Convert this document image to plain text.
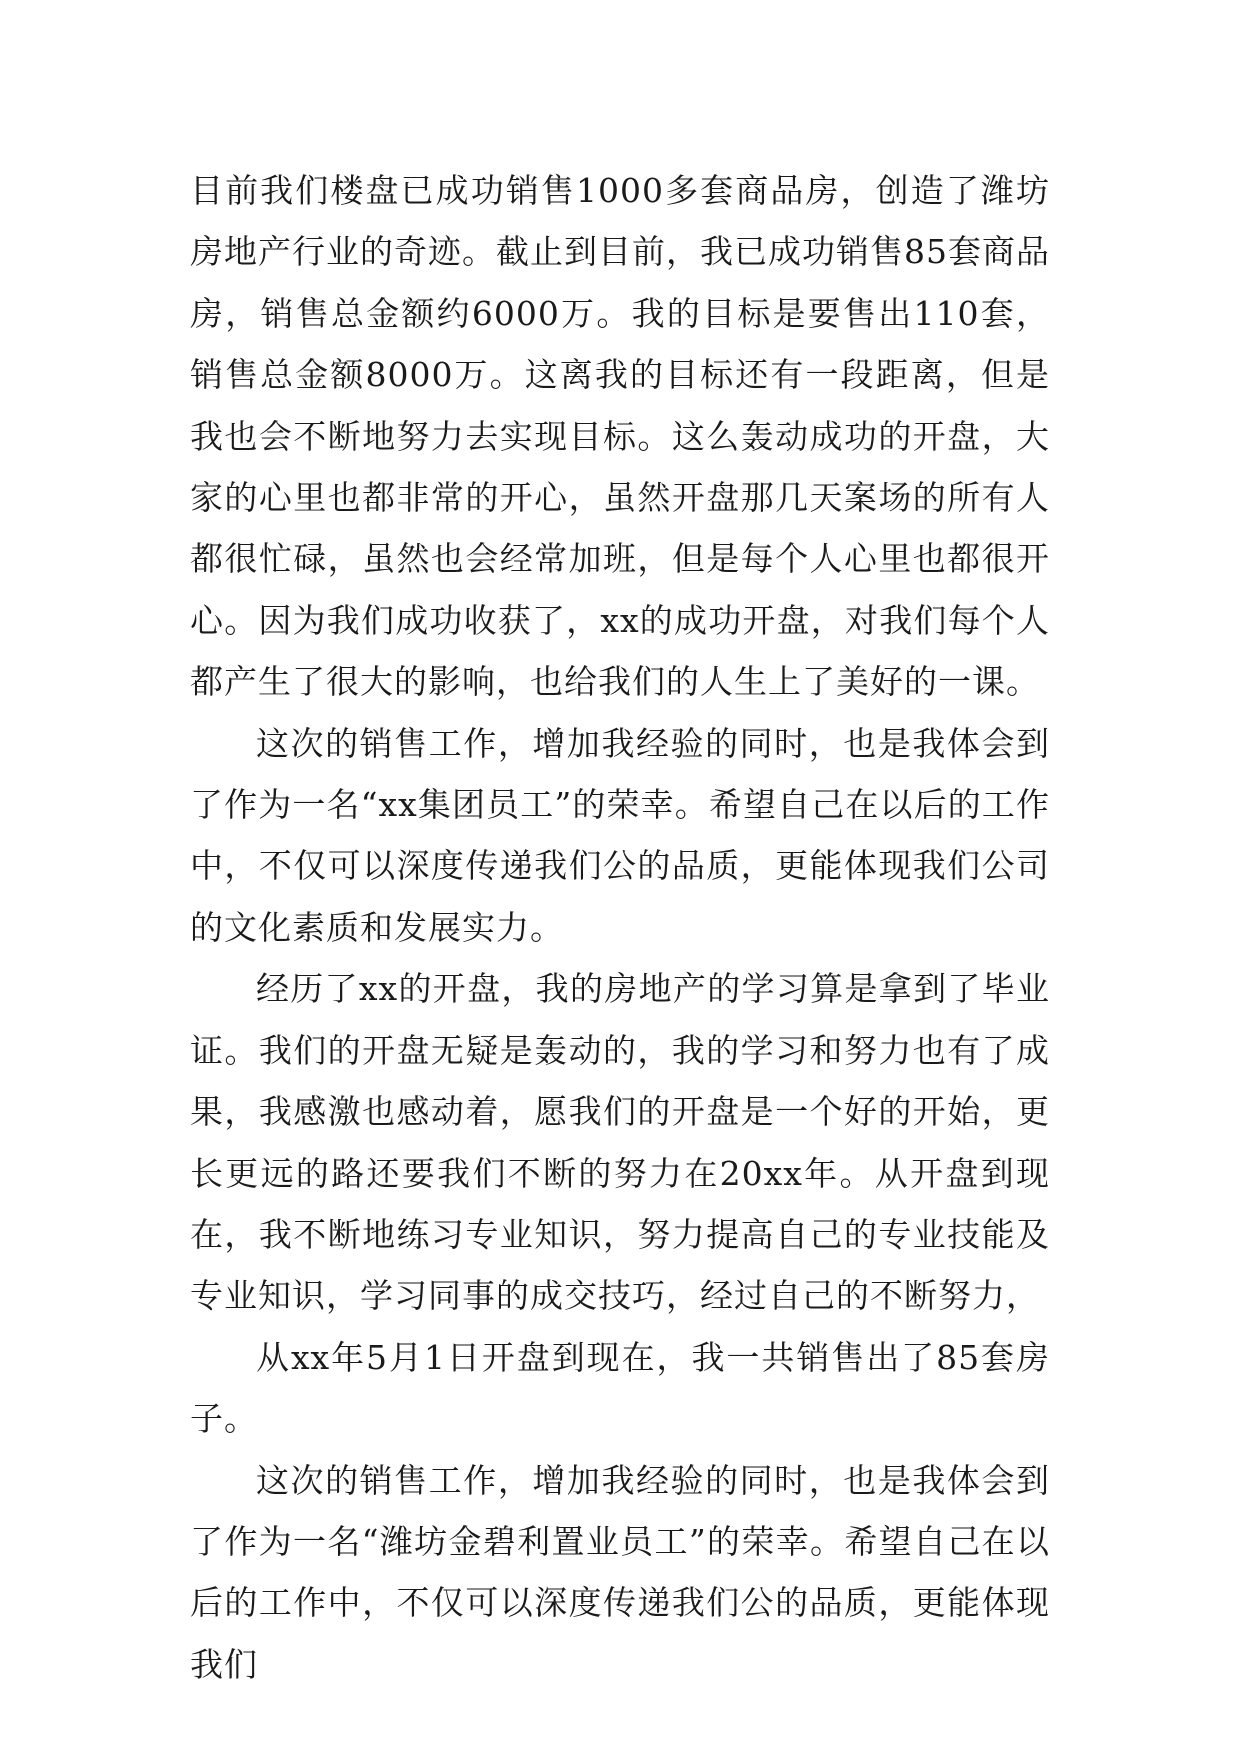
目前我们楼盘已成功销售1000多套商品房，创造了潍坊房地产行业的奇迹。截止到目前，我已成功销售85套商品房，销售总金额约6000万。我的目标是要售出110套，销售总金额8000万。这离我的目标还有一段距离，但是我也会不断地努力去实现目标。这么轰动成功的开盘，大家的心里也都非常的开心，虽然开盘那几天案场的所有人都很忙碌，虽然也会经常加班，但是每个人心里也都很开心。因为我们成功收获了，xx的成功开盘，对我们每个人都产生了很大的影响，也给我们的人生上了美好的一课。

这次的销售工作，增加我经验的同时，也是我体会到了作为一名“xx集团员工”的荣幸。希望自己在以后的工作中，不仅可以深度传递我们公的品质，更能体现我们公司的文化素质和发展实力。

经历了xx的开盘，我的房地产的学习算是拿到了毕业证。我们的开盘无疑是轰动的，我的学习和努力也有了成果，我感激也感动着，愿我们的开盘是一个好的开始，更长更远的路还要我们不断的努力在20xx年。从开盘到现在，我不断地练习专业知识，努力提高自己的专业技能及专业知识，学习同事的成交技巧，经过自己的不断努力，

从xx年5月1日开盘到现在，我一共销售出了85套房子。

这次的销售工作，增加我经验的同时，也是我体会到了作为一名“潍坊金碧利置业员工”的荣幸。希望自己在以后的工作中，不仅可以深度传递我们公的品质，更能体现我们
